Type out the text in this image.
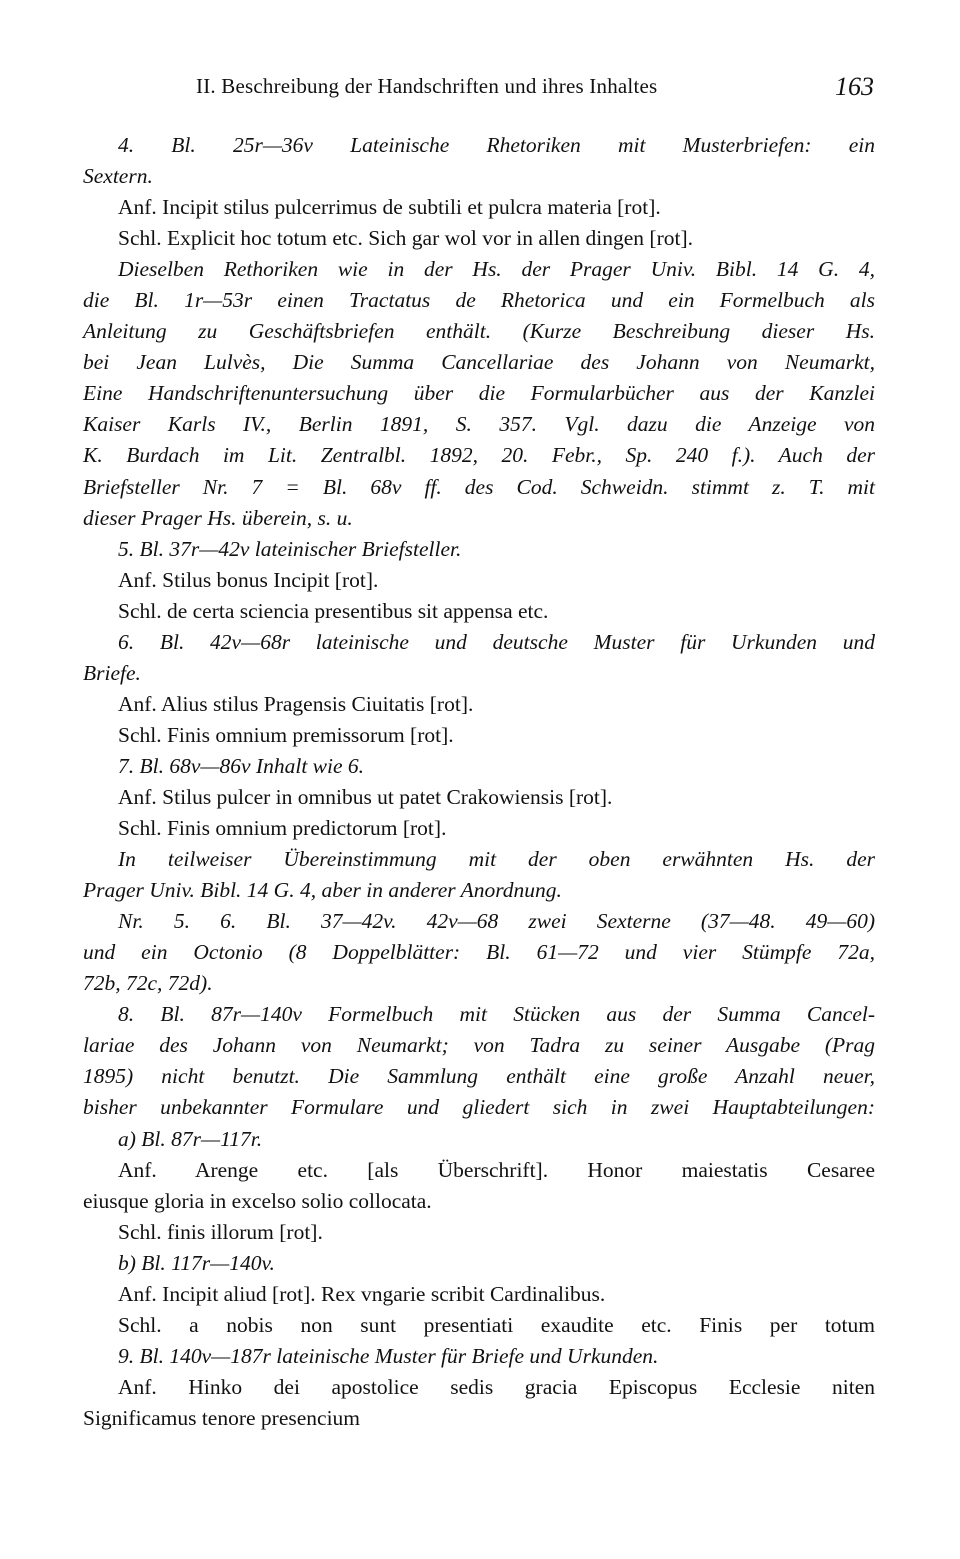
II. Beschreibung der Handschriften und ihres Inhaltes	163
4. Bl. 25r—36v Lateinische Rhetoriken mit Musterbriefen: ein
Sextern.
Anf. Incipit stilus pulcerrimus de subtili et pulcra materia [rot].
Schl. Explicit hoc totum etc. Sich gar wol vor in allen dingen [rot].
Dieselben Rethoriken wie in der Hs. der Prager Univ. Bibl. 14 G. 4,
die Bl. 1r—53r einen Tractatus de Rhetorica und ein Formelbuch als
Anleitung zu Geschäftsbriefen enthält. (Kurze Beschreibung dieser Hs.
bei Jean Lulvès, Die Summa Cancellariae des Johann von Neumarkt,
Eine Handschriftenuntersuchung über die Formularbücher aus der Kanzlei
Kaiser Karls IV., Berlin 1891, S. 357. Vgl. dazu die Anzeige von
K. Burdach im Lit. Zentralbl. 1892, 20. Febr., Sp. 240 f.). Auch der
Briefsteller Nr. 7 = Bl. 68v ff. des Cod. Schweidn. stimmt z. T. mit
dieser Prager Hs. überein, s. u.
5. Bl. 37r—42v lateinischer Briefsteller.
Anf. Stilus bonus Incipit [rot].
Schl. de certa sciencia presentibus sit appensa etc.
6. Bl. 42v—68r lateinische und deutsche Muster für Urkunden und
Briefe.
Anf. Alius stilus Pragensis Ciuitatis [rot].
Schl. Finis omnium premissorum [rot].
7. Bl. 68v—86v Inhalt wie 6.
Anf. Stilus pulcer in omnibus ut patet Crakowiensis [rot].
Schl. Finis omnium predictorum [rot].
In teilweiser Übereinstimmung mit der oben erwähnten Hs. der
Prager Univ. Bibl. 14 G. 4, aber in anderer Anordnung.
Nr. 5. 6. Bl. 37—42v. 42v—68 zwei Sexterne (37—48. 49—60)
und ein Octonio (8 Doppelblätter: Bl. 61—72 und vier Stümpfe 72a,
72b, 72c, 72d).
8. Bl. 87r—140v Formelbuch mit Stücken aus der Summa Cancel-
lariae des Johann von Neumarkt; von Tadra zu seiner Ausgabe (Prag
1895) nicht benutzt. Die Sammlung enthält eine große Anzahl neuer,
bisher unbekannter Formulare und gliedert sich in zwei Hauptabteilungen:
a) Bl. 87r—117r.
Anf. Arenge etc. [als Überschrift]. Honor maiestatis Cesaree
eiusque gloria in excelso solio collocata.
Schl. finis illorum [rot].
b) Bl. 117r—140v.
Anf. Incipit aliud [rot]. Rex vngarie scribit Cardinalibus.
Schl. a nobis non sunt presentiati exaudite etc. Finis per totum
9. Bl. 140v—187r lateinische Muster für Briefe und Urkunden.
Anf. Hinko dei apostolice sedis gracia Episcopus Ecclesie niten
Significamus tenore presencium
